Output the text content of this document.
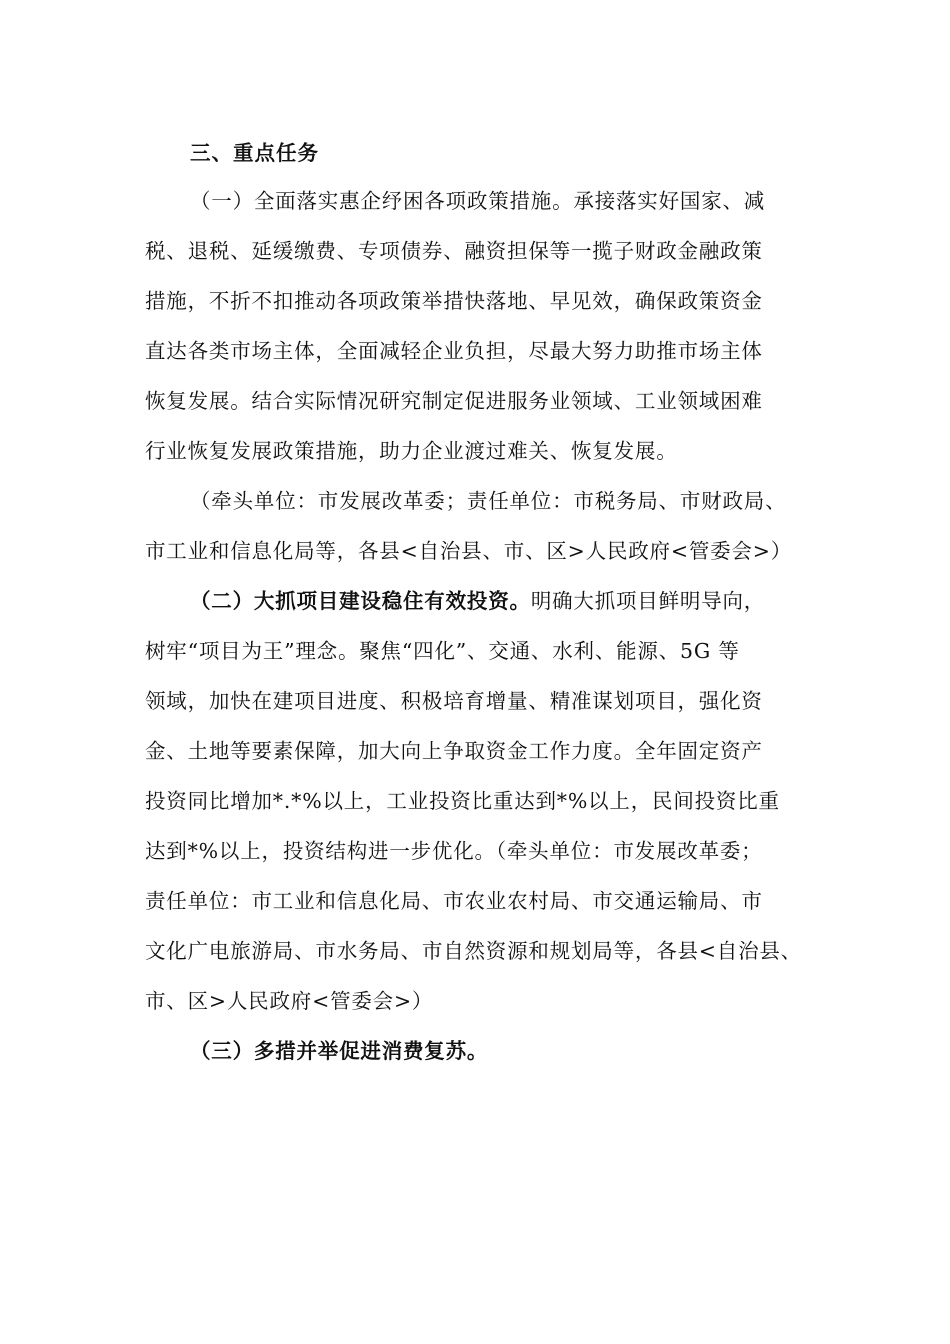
三、重点任务
（一）全面落实惠企纾困各项政策措施。承接落实好国家、减
税、退税、延缓缴费、专项债券、融资担保等一揽子财政金融政策
措施，不折不扣推动各项政策举措快落地、早见效，确保政策资金
直达各类市场主体，全面减轻企业负担，尽最大努力助推市场主体
恢复发展。结合实际情况研究制定促进服务业领域、工业领域困难
行业恢复发展政策措施，助力企业渡过难关、恢复发展。
（牵头单位：市发展改革委；责任单位：市税务局、市财政局、
市工业和信息化局等，各县<自治县、市、区>人民政府<管委会>）
（二）大抓项目建设稳住有效投资。明确大抓项目鲜明导向，
树牢“项目为王”理念。聚焦“四化”、交通、水利、能源、5G 等
领域，加快在建项目进度、积极培育增量、精准谋划项目，强化资
金、土地等要素保障，加大向上争取资金工作力度。全年固定资产
投资同比增加*.*%以上，工业投资比重达到*%以上，民间投资比重
达到*%以上，投资结构进一步优化。（牵头单位：市发展改革委；
责任单位：市工业和信息化局、市农业农村局、市交通运输局、市
文化广电旅游局、市水务局、市自然资源和规划局等，各县<自治县、
市、区>人民政府<管委会>）
（三）多措并举促进消费复苏。
